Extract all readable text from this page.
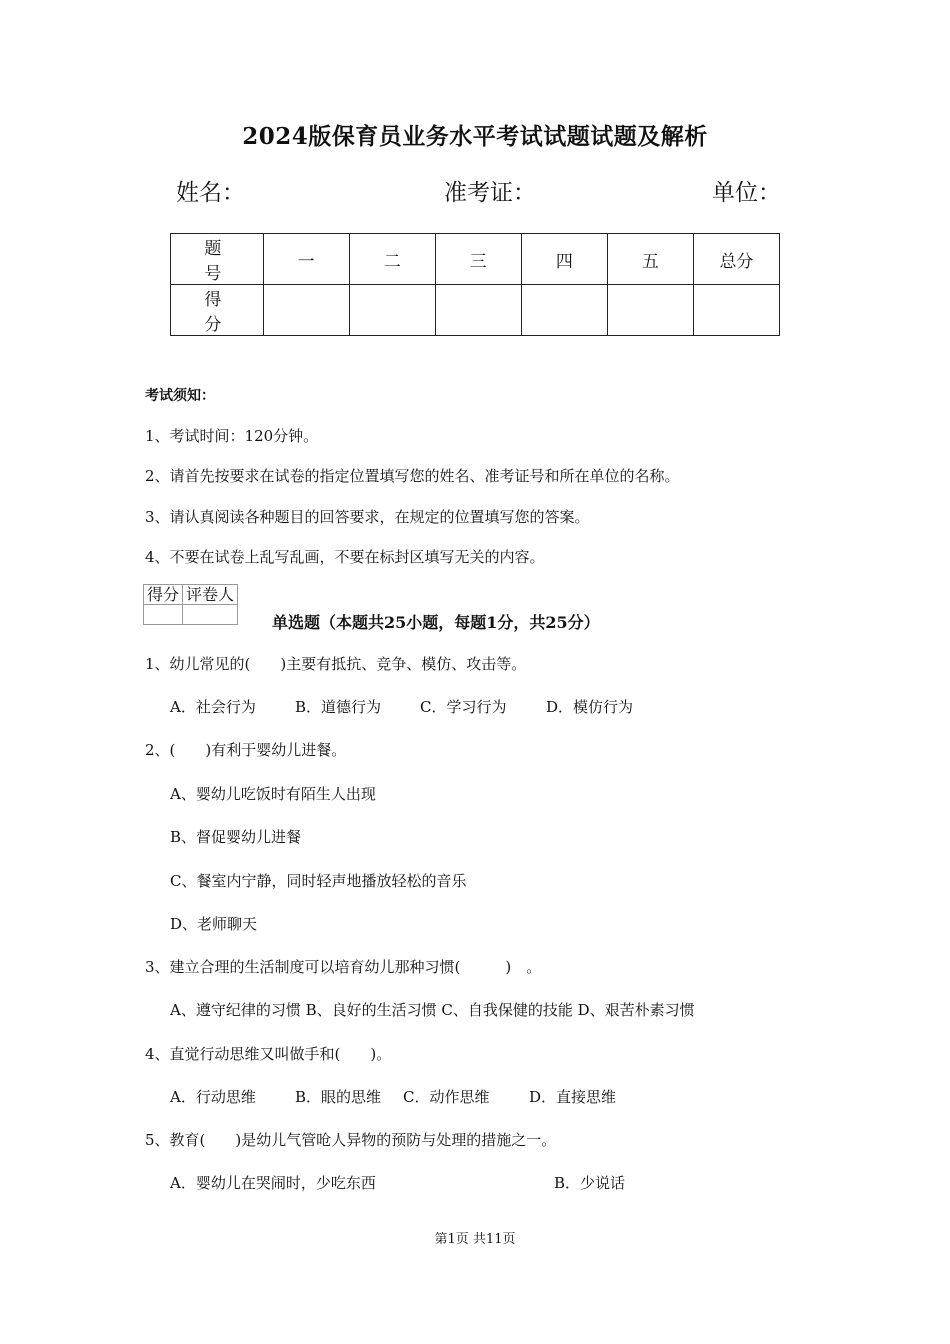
2024版保育员业务水平考试试题试题及解析
姓名：	准考证：	单位：
题　号	一	二	三	四	五	总分
得　分						
考试须知：
1、考试时间：120分钟。
2、请首先按要求在试卷的指定位置填写您的姓名、准考证号和所在单位的名称。
3、请认真阅读各种题目的回答要求，在规定的位置填写您的答案。
4、不要在试卷上乱写乱画，不要在标封区填写无关的内容。
得分	评卷人

单选题（本题共25小题，每题1分，共25分）
1、幼儿常见的(　　)主要有抵抗、竞争、模仿、攻击等。
A．社会行为	B．道德行为	C．学习行为	D．模仿行为
2、(　　)有利于婴幼儿进餐。
A、婴幼儿吃饭时有陌生人出现
B、督促婴幼儿进餐
C、餐室内宁静，同时轻声地播放轻松的音乐
D、老师聊天
3、建立合理的生活制度可以培育幼儿那种习惯(　　　)　。
A、遵守纪律的习惯 B、良好的生活习惯 C、自我保健的技能 D、艰苦朴素习惯
4、直觉行动思维又叫做手和(　　)。
A．行动思维	B．眼的思维 C．动作思维	D．直接思维
5、教育(　　)是幼儿气管呛人异物的预防与处理的措施之一。
A．婴幼儿在哭闹时，少吃东西	B．少说话
第1页 共11页
